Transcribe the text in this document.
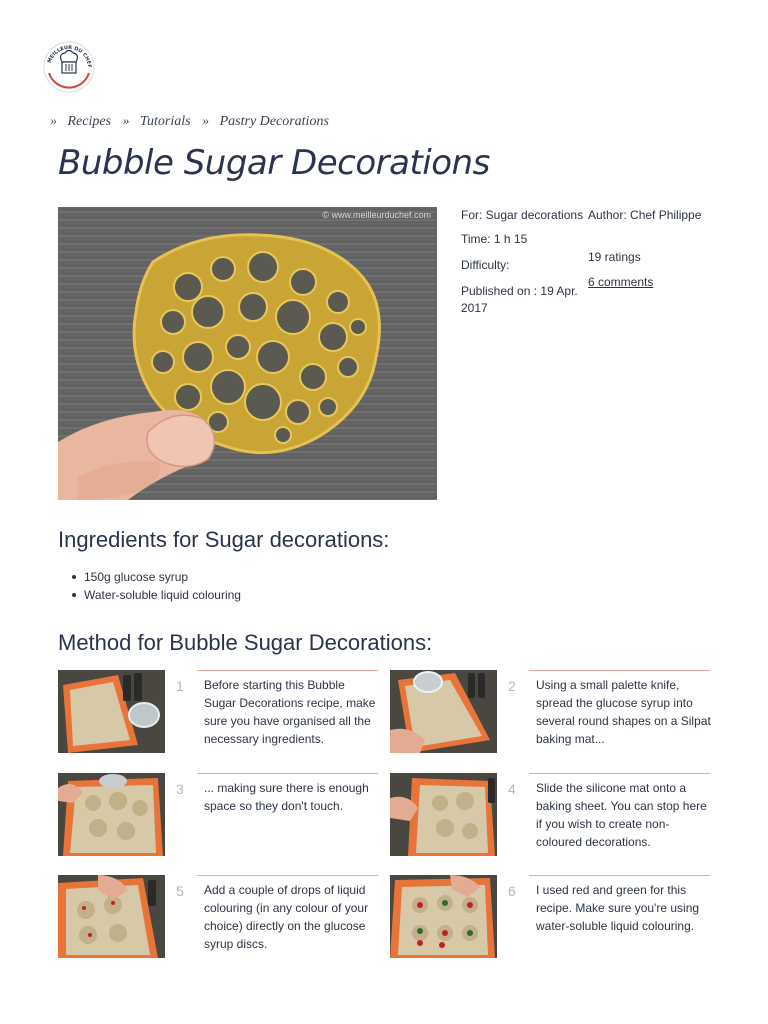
MEILLEUR DU CHEF
» Recipes » Tutorials » Pastry Decorations
Bubble Sugar Decorations
© www.meilleurduchef.com	For: Sugar decorations Author: Chef Philippe
Time: 1 h 15
Difficulty:
19 ratings
6 comments
Published on : 19 Apr. 2017
Ingredients for Sugar decorations:
150g glucose syrup
Water-soluble liquid colouring
Method for Bubble Sugar Decorations:
1 Before starting this Bubble Sugar Decorations recipe, make sure you have organised all the necessary ingredients.
2 Using a small palette knife, spread the glucose syrup into several round shapes on a Silpat baking mat...
3 ... making sure there is enough space so they don't touch.
4 Slide the silicone mat onto a baking sheet. You can stop here if you wish to create non-coloured decorations.
5 Add a couple of drops of liquid colouring (in any colour of your choice) directly on the glucose syrup discs.
6 I used red and green for this recipe. Make sure you're using water-soluble liquid colouring.
